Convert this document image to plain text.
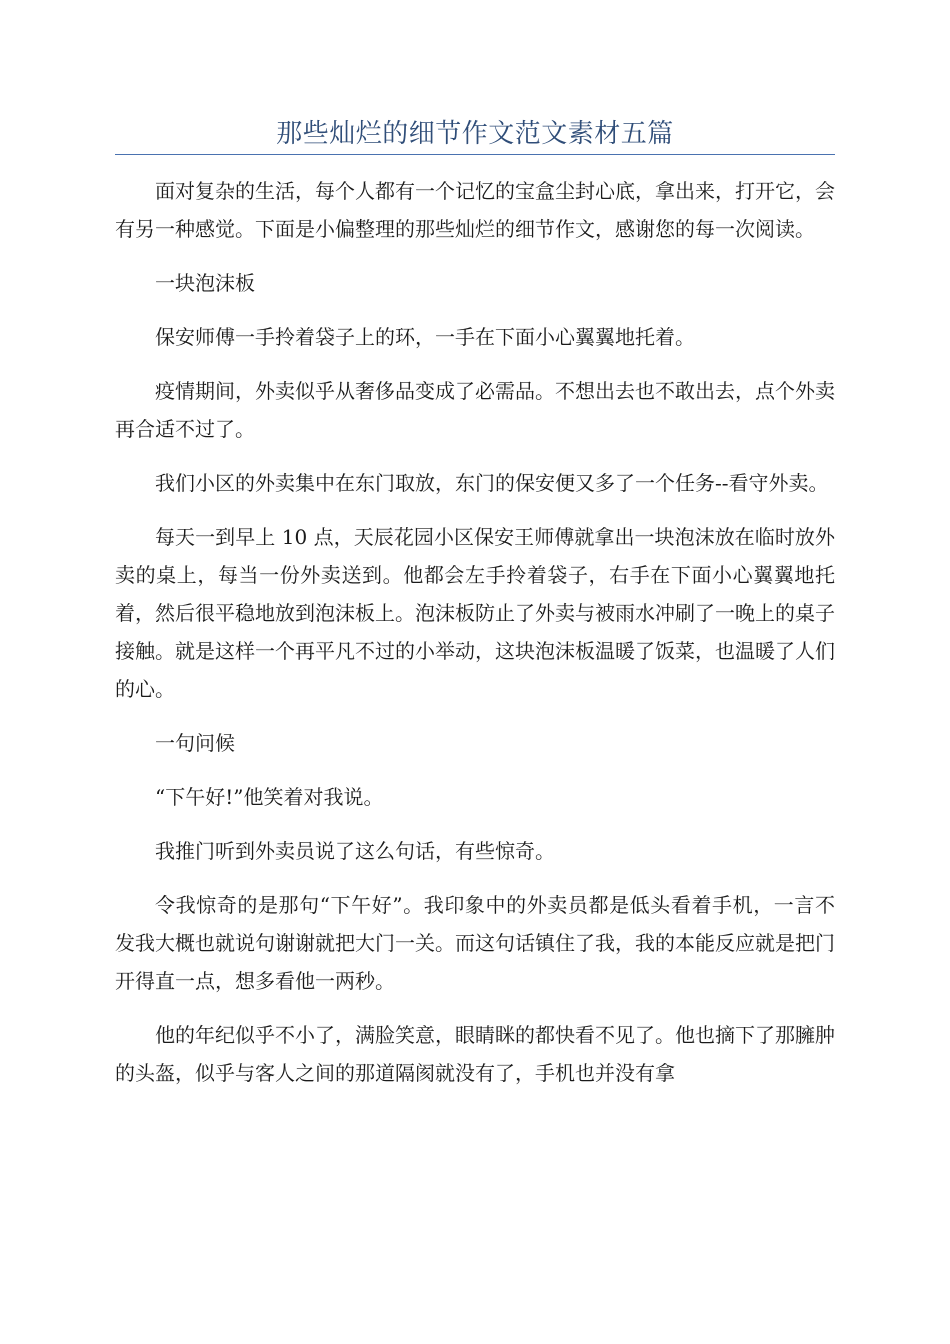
那些灿烂的细节作文范文素材五篇

面对复杂的生活，每个人都有一个记忆的宝盒尘封心底，拿出来，打开它，会有另一种感觉。下面是小偏整理的那些灿烂的细节作文，感谢您的每一次阅读。

一块泡沫板

保安师傅一手拎着袋子上的环，一手在下面小心翼翼地托着。

疫情期间，外卖似乎从奢侈品变成了必需品。不想出去也不敢出去，点个外卖再合适不过了。

我们小区的外卖集中在东门取放，东门的保安便又多了一个任务--看守外卖。

每天一到早上 10 点，天辰花园小区保安王师傅就拿出一块泡沫放在临时放外卖的桌上，每当一份外卖送到。他都会左手拎着袋子，右手在下面小心翼翼地托着，然后很平稳地放到泡沫板上。泡沫板防止了外卖与被雨水冲刷了一晚上的桌子接触。就是这样一个再平凡不过的小举动，这块泡沫板温暖了饭菜，也温暖了人们的心。

一句问候

“下午好!”他笑着对我说。

我推门听到外卖员说了这么句话，有些惊奇。

令我惊奇的是那句“下午好”。我印象中的外卖员都是低头看着手机，一言不发我大概也就说句谢谢就把大门一关。而这句话镇住了我，我的本能反应就是把门开得直一点，想多看他一两秒。

他的年纪似乎不小了，满脸笑意，眼睛眯的都快看不见了。他也摘下了那臃肿的头盔，似乎与客人之间的那道隔阂就没有了，手机也并没有拿
